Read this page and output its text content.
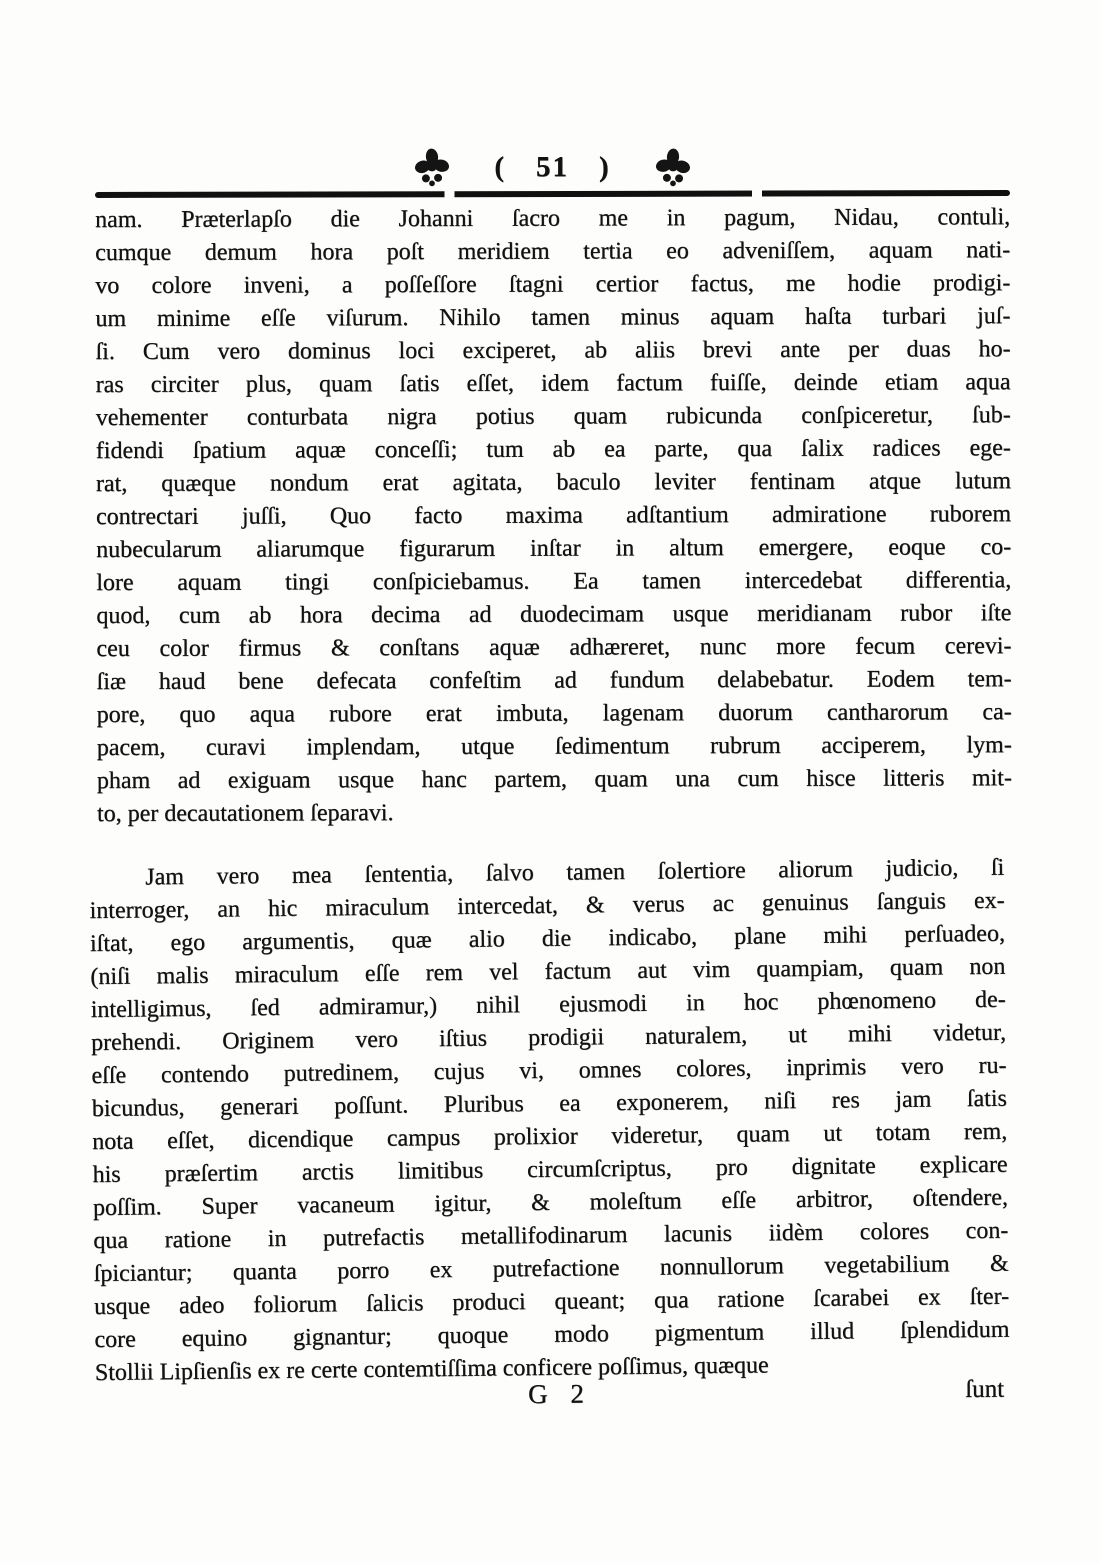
( 51 )
nam. Præterlapſo die Johanni ſacro me in pagum, Nidau, contuli,
cumque demum hora poſt meridiem tertia eo adveniſſem, aquam nati-
vo colore inveni, a poſſeſſore ſtagni certior factus, me hodie prodigi-
um minime eſſe viſurum. Nihilo tamen minus aquam haſta turbari juſ-
ſi. Cum vero dominus loci exciperet, ab aliis brevi ante per duas ho-
ras circiter plus, quam ſatis eſſet, idem factum fuiſſe, deinde etiam aqua
vehementer conturbata nigra potius quam rubicunda conſpiceretur, ſub-
fidendi ſpatium aquæ conceſſi; tum ab ea parte, qua ſalix radices ege-
rat, quæque nondum erat agitata, baculo leviter fentinam atque lutum
contrectari juſſi, Quo facto maxima adſtantium admiratione ruborem
nubecularum aliarumque figurarum inſtar in altum emergere, eoque co-
lore aquam tingi conſpiciebamus. Ea tamen intercedebat differentia,
quod, cum ab hora decima ad duodecimam usque meridianam rubor iſte
ceu color firmus & conſtans aquæ adhæreret, nunc more fecum cerevi-
ſiæ haud bene defecata confeſtim ad fundum delabebatur. Eodem tem-
pore, quo aqua rubore erat imbuta, lagenam duorum cantharorum ca-
pacem, curavi implendam, utque ſedimentum rubrum acciperem, lym-
pham ad exiguam usque hanc partem, quam una cum hisce litteris mit-
to, per decautationem ſeparavi.
Jam vero mea ſententia, ſalvo tamen ſolertiore aliorum judicio, ſi
interroger, an hic miraculum intercedat, & verus ac genuinus ſanguis ex-
iſtat, ego argumentis, quæ alio die indicabo, plane mihi perſuadeo,
(niſi malis miraculum eſſe rem vel factum aut vim quampiam, quam non
intelligimus, ſed admiramur,) nihil ejusmodi in hoc phœnomeno de-
prehendi. Originem vero iſtius prodigii naturalem, ut mihi videtur,
eſſe contendo putredinem, cujus vi, omnes colores, inprimis vero ru-
bicundus, generari poſſunt. Pluribus ea exponerem, niſi res jam ſatis
nota eſſet, dicendique campus prolixior videretur, quam ut totam rem,
his præſertim arctis limitibus circumſcriptus, pro dignitate explicare
poſſim. Super vacaneum igitur, & moleſtum eſſe arbitror, oſtendere,
qua ratione in putrefactis metallifodinarum lacunis iidèm colores con-
ſpiciantur; quanta porro ex putrefactione nonnullorum vegetabilium &
usque adeo foliorum ſalicis produci queant; qua ratione ſcarabei ex ſter-
core equino gignantur; quoque modo pigmentum illud ſplendidum
Stollii Lipſienſis ex re certe contemtiſſima conficere poſſimus, quæque
G 2	ſunt
